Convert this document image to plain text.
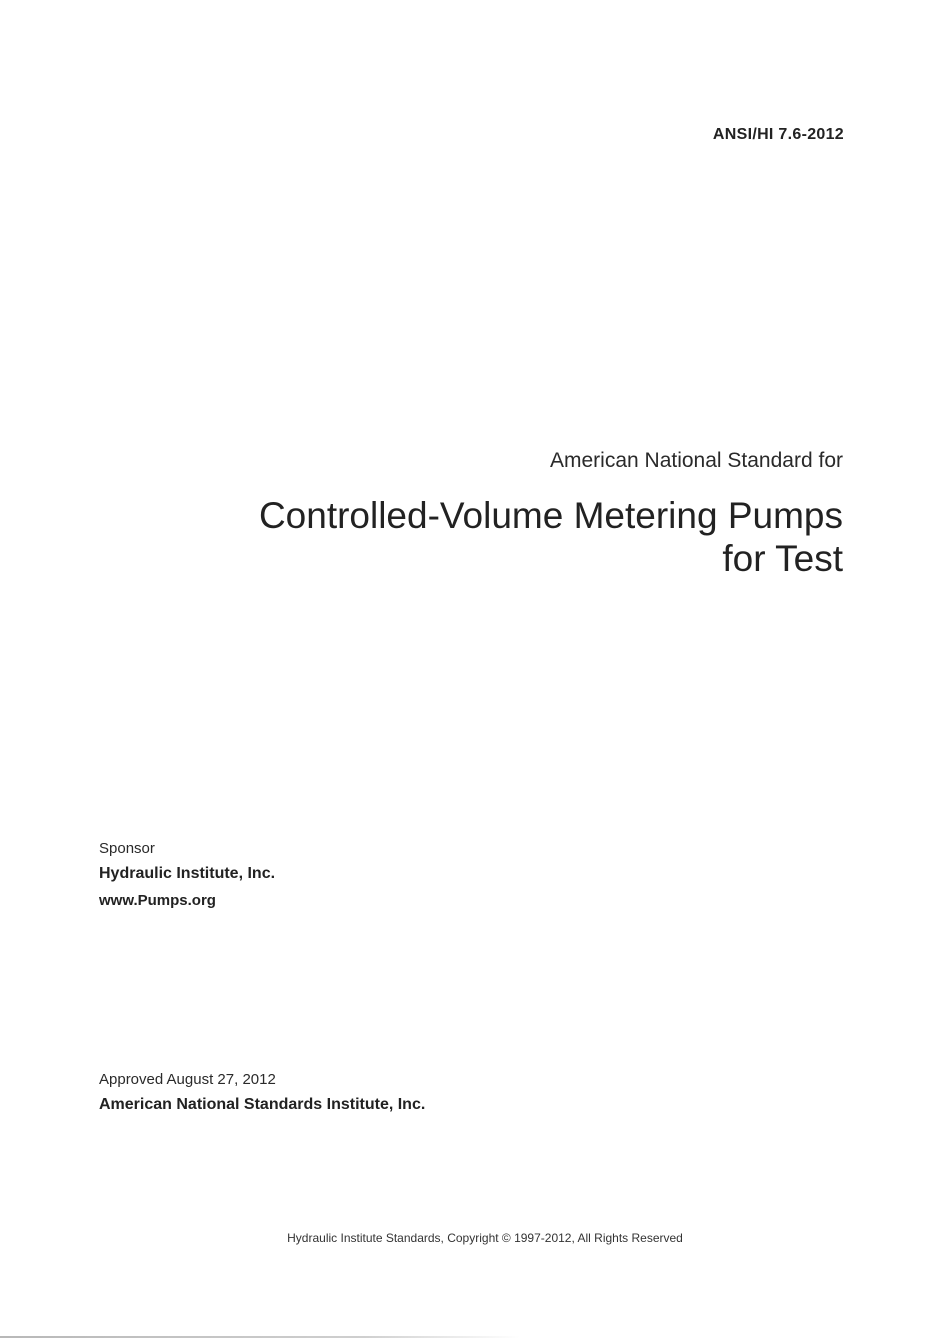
ANSI/HI 7.6-2012
American National Standard for
Controlled-Volume Metering Pumps
for Test
Sponsor
Hydraulic Institute, Inc.
www.Pumps.org
Approved August 27, 2012
American National Standards Institute, Inc.
Hydraulic Institute Standards, Copyright © 1997-2012, All Rights Reserved
